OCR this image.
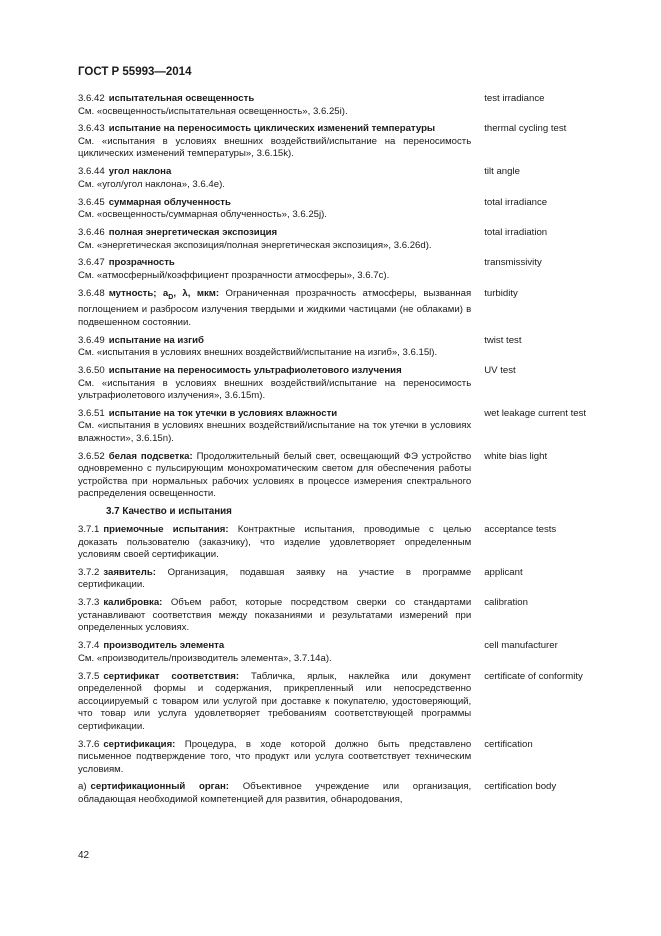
ГОСТ Р 55993—2014
3.6.42 испытательная освещенность
См. «освещенность/испытательная освещенность», 3.6.25i).
test irradiance
3.6.43 испытание на переносимость циклических изменений температуры
См. «испытания в условиях внешних воздействий/испытание на переносимость циклических изменений температуры», 3.6.15k).
thermal cycling test
3.6.44 угол наклона
См. «угол/угол наклона», 3.6.4е).
tilt angle
3.6.45 суммарная облученность
См. «освещенность/суммарная облученность», 3.6.25j).
total irradiance
3.6.46 полная энергетическая экспозиция
См. «энергетическая экспозиция/полная энергетическая экспозиция», 3.6.26d).
total irradiation
3.6.47 прозрачность
См. «атмосферный/коэффициент прозрачности атмосферы», 3.6.7с).
transmissivity
3.6.48 мутность; $a_D$, λ, мкм: Ограниченная прозрачность атмосферы, вызванная поглощением и разбросом излучения твердыми и жидкими частицами (не облаками) в подвешенном состоянии.
turbidity
3.6.49 испытание на изгиб
См. «испытания в условиях внешних воздействий/испытание на изгиб», 3.6.15l).
twist test
3.6.50 испытание на переносимость ультрафиолетового излучения
См. «испытания в условиях внешних воздействий/испытание на переносимость ультрафиолетового излучения», 3.6.15m).
UV test
3.6.51 испытание на ток утечки в условиях влажности
См. «испытания в условиях внешних воздействий/испытание на ток утечки в условиях влажности», 3.6.15n).
wet leakage current test
3.6.52 белая подсветка: Продолжительный белый свет, освещающий ФЭ устройство одновременно с пульсирующим монохроматическим светом для обеспечения работы устройства при нормальных рабочих условиях в процессе измерения спектрального распределения освещенности.
white bias light
3.7 Качество и испытания
3.7.1 приемочные испытания: Контрактные испытания, проводимые с целью доказать пользователю (заказчику), что изделие удовлетворяет определенным условиям своей сертификации.
acceptance tests
3.7.2 заявитель: Организация, подавшая заявку на участие в программе сертификации.
applicant
3.7.3 калибровка: Объем работ, которые посредством сверки со стандартами устанавливают соответствия между показаниями и результатами измерений при определенных условиях.
calibration
3.7.4 производитель элемента
См. «производитель/производитель элемента», 3.7.14а).
cell manufacturer
3.7.5 сертификат соответствия: Табличка, ярлык, наклейка или документ определенной формы и содержания, прикрепленный или непосредственно ассоциируемый с товаром или услугой при доставке к покупателю, удостоверяющий, что товар или услуга удовлетворяет требованиям соответствующей программы сертификации.
certificate of conformity
3.7.6 сертификация: Процедура, в ходе которой должно быть представлено письменное подтверждение того, что продукт или услуга соответствует техническим условиям.
certification
а) сертификационный орган: Объективное учреждение или организация, обладающая необходимой компетенцией для развития, обнародования,
certification body
42
